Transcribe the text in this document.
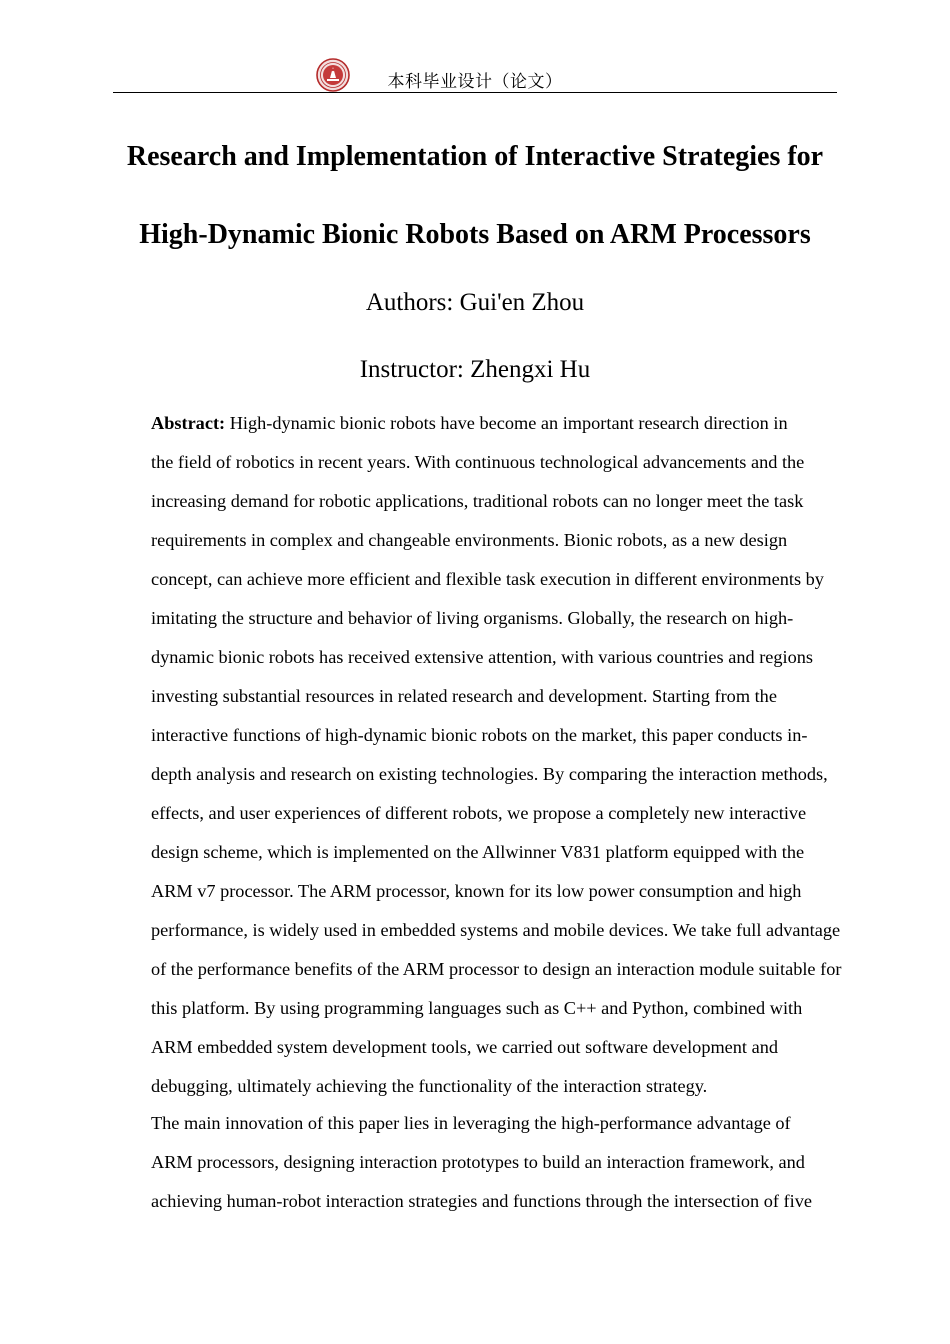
本科毕业设计（论文）
Research and Implementation of Interactive Strategies for
High-Dynamic Bionic Robots Based on ARM Processors
Authors: Gui'en Zhou
Instructor: Zhengxi Hu

Abstract: High-dynamic bionic robots have become an important research direction in
the field of robotics in recent years. With continuous technological advancements and the
increasing demand for robotic applications, traditional robots can no longer meet the task
requirements in complex and changeable environments. Bionic robots, as a new design
concept, can achieve more efficient and flexible task execution in different environments by
imitating the structure and behavior of living organisms. Globally, the research on high-
dynamic bionic robots has received extensive attention, with various countries and regions
investing substantial resources in related research and development. Starting from the
interactive functions of high-dynamic bionic robots on the market, this paper conducts in-
depth analysis and research on existing technologies. By comparing the interaction methods,
effects, and user experiences of different robots, we propose a completely new interactive
design scheme, which is implemented on the Allwinner V831 platform equipped with the
ARM v7 processor. The ARM processor, known for its low power consumption and high
performance, is widely used in embedded systems and mobile devices. We take full advantage
of the performance benefits of the ARM processor to design an interaction module suitable for
this platform. By using programming languages such as C++ and Python, combined with
ARM embedded system development tools, we carried out software development and
debugging, ultimately achieving the functionality of the interaction strategy.

The main innovation of this paper lies in leveraging the high-performance advantage of
ARM processors, designing interaction prototypes to build an interaction framework, and
achieving human-robot interaction strategies and functions through the intersection of five
